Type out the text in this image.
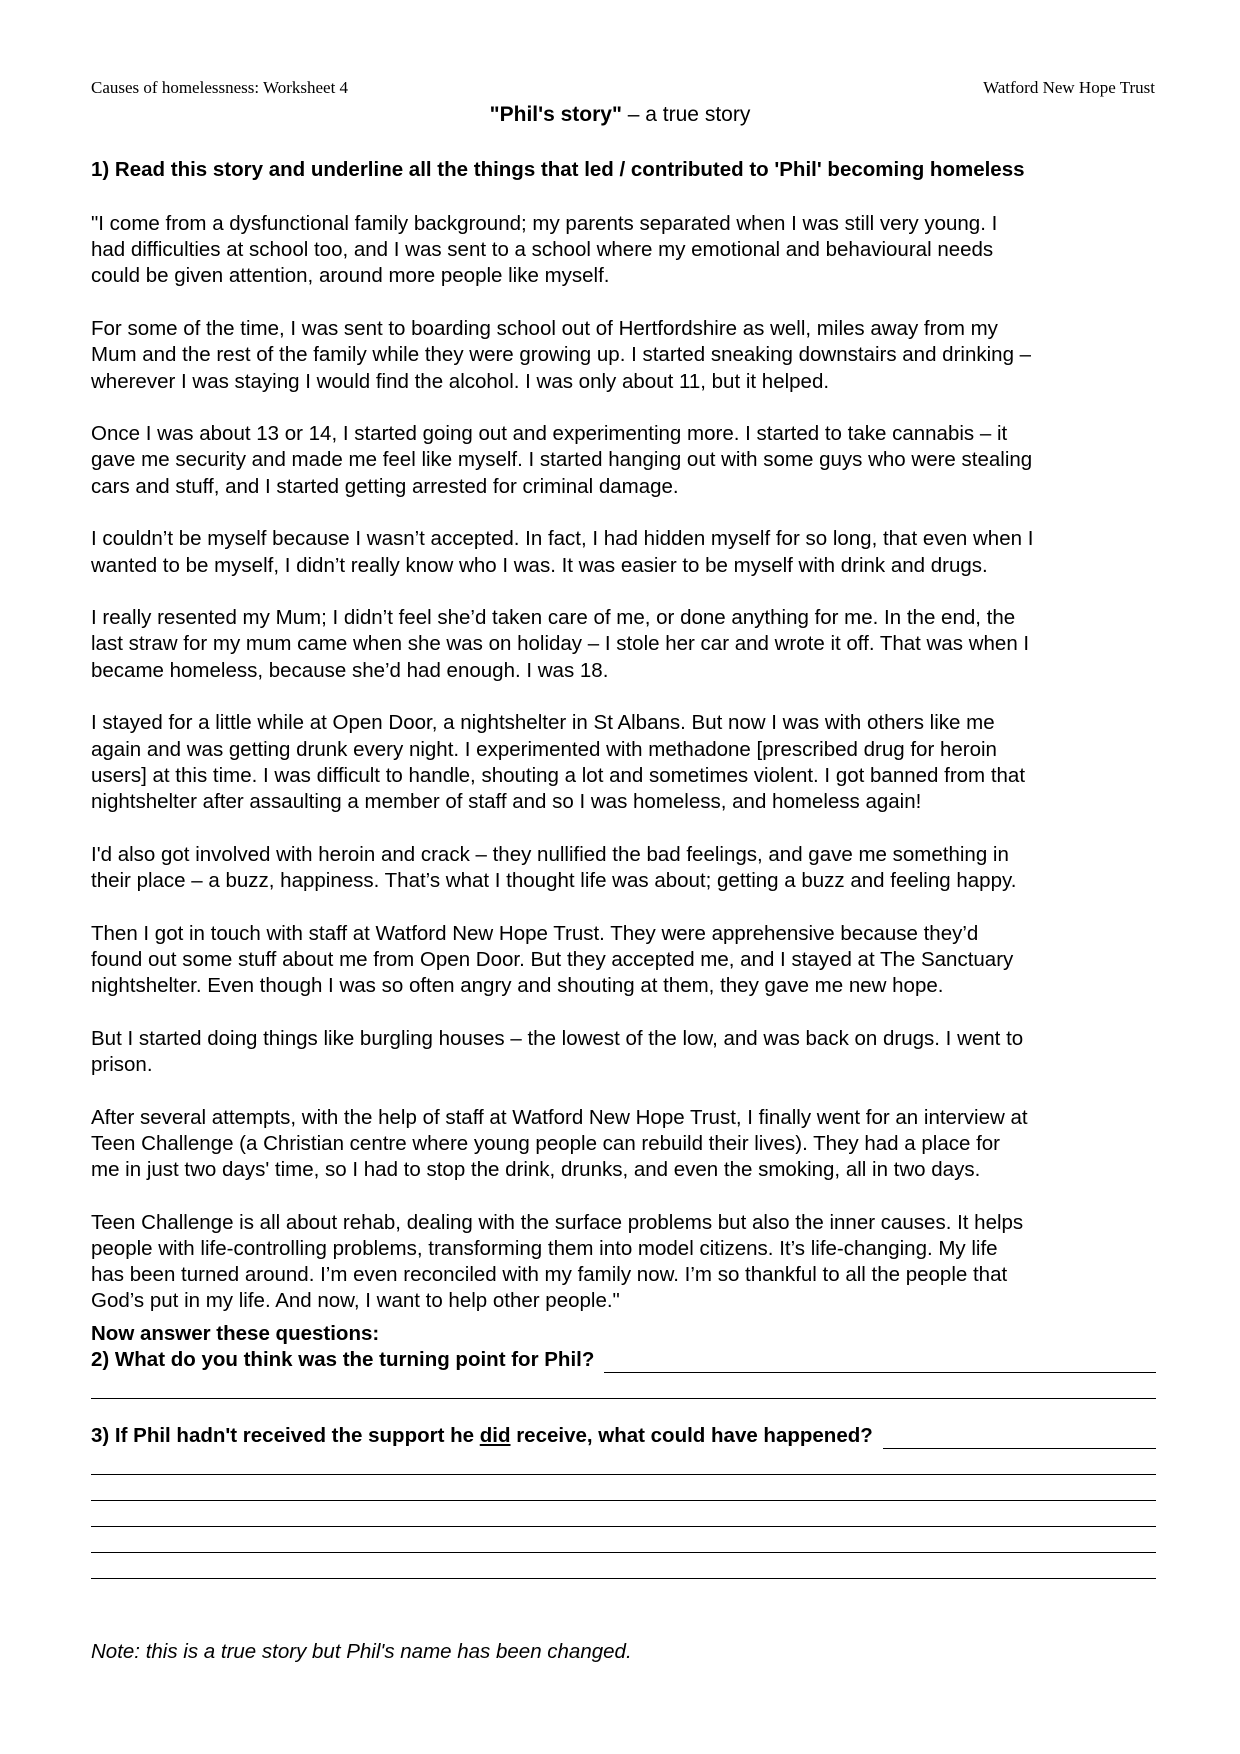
Causes of homelessness: Worksheet 4	Watford New Hope Trust
"Phil's story" – a true story
1) Read this story and underline all the things that led / contributed to 'Phil' becoming homeless

"I come from a dysfunctional family background; my parents separated when I was still very young. I
had difficulties at school too, and I was sent to a school where my emotional and behavioural needs
could be given attention, around more people like myself.

For some of the time, I was sent to boarding school out of Hertfordshire as well, miles away from my
Mum and the rest of the family while they were growing up. I started sneaking downstairs and drinking –
wherever I was staying I would find the alcohol. I was only about 11, but it helped.

Once I was about 13 or 14, I started going out and experimenting more. I started to take cannabis – it
gave me security and made me feel like myself. I started hanging out with some guys who were stealing
cars and stuff, and I started getting arrested for criminal damage.

I couldn’t be myself because I wasn’t accepted. In fact, I had hidden myself for so long, that even when I
wanted to be myself, I didn’t really know who I was. It was easier to be myself with drink and drugs.

I really resented my Mum; I didn’t feel she’d taken care of me, or done anything for me. In the end, the
last straw for my mum came when she was on holiday – I stole her car and wrote it off. That was when I
became homeless, because she’d had enough. I was 18.

I stayed for a little while at Open Door, a nightshelter in St Albans. But now I was with others like me
again and was getting drunk every night. I experimented with methadone [prescribed drug for heroin
users] at this time. I was difficult to handle, shouting a lot and sometimes violent. I got banned from that
nightshelter after assaulting a member of staff and so I was homeless, and homeless again!

I'd also got involved with heroin and crack – they nullified the bad feelings, and gave me something in
their place – a buzz, happiness. That’s what I thought life was about; getting a buzz and feeling happy.

Then I got in touch with staff at Watford New Hope Trust. They were apprehensive because they’d
found out some stuff about me from Open Door. But they accepted me, and I stayed at The Sanctuary
nightshelter. Even though I was so often angry and shouting at them, they gave me new hope.

But I started doing things like burgling houses – the lowest of the low, and was back on drugs. I went to
prison.

After several attempts, with the help of staff at Watford New Hope Trust, I finally went for an interview at
Teen Challenge (a Christian centre where young people can rebuild their lives). They had a place for
me in just two days' time, so I had to stop the drink, drunks, and even the smoking, all in two days.

Teen Challenge is all about rehab, dealing with the surface problems but also the inner causes. It helps
people with life-controlling problems, transforming them into model citizens. It’s life-changing. My life
has been turned around. I’m even reconciled with my family now. I’m so thankful to all the people that
God’s put in my life. And now, I want to help other people."

Now answer these questions:
2) What do you think was the turning point for Phil?
3) If Phil hadn't received the support he did receive, what could have happened?
Note: this is a true story but Phil's name has been changed.
